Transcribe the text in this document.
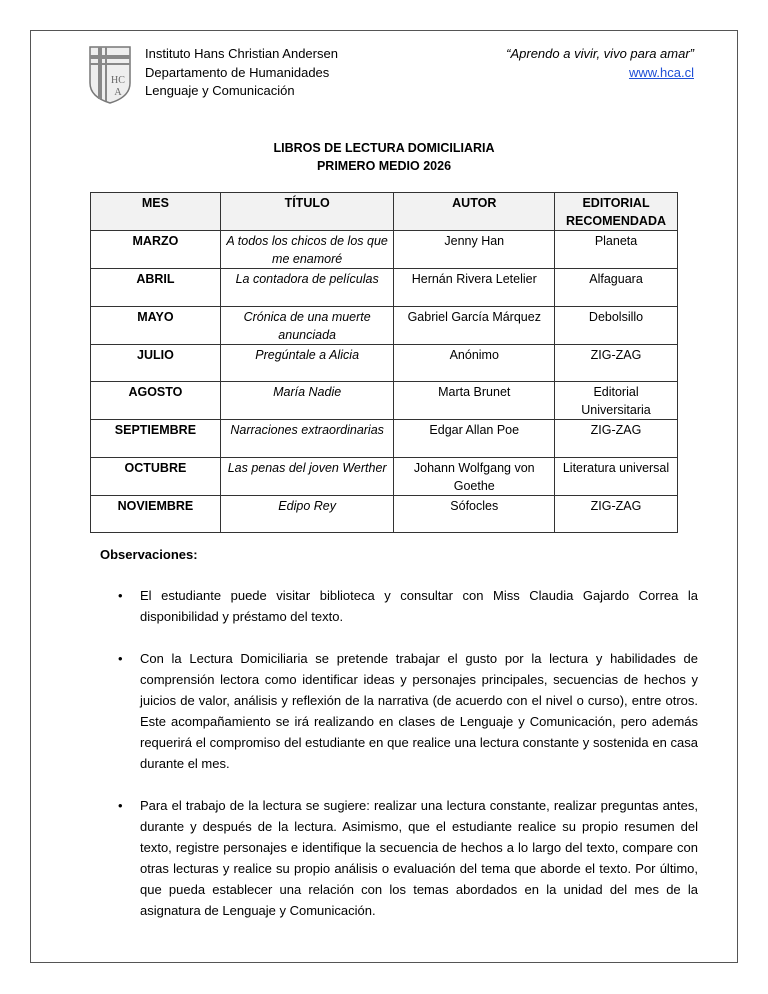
HC
A
Instituto Hans Christian Andersen
Departamento de Humanidades
Lenguaje y Comunicación
“Aprendo a vivir, vivo para amar”
www.hca.cl
LIBROS DE LECTURA DOMICILIARIA
PRIMERO MEDIO 2026
MES	TÍTULO	AUTOR	EDITORIAL RECOMENDADA
MARZO	A todos los chicos de los que me enamoré	Jenny Han	Planeta
ABRIL	La contadora de películas	Hernán Rivera Letelier	Alfaguara
MAYO	Crónica de una muerte anunciada	Gabriel García Márquez	Debolsillo
JULIO	Pregúntale a Alicia	Anónimo	ZIG-ZAG
AGOSTO	María Nadie	Marta Brunet	Editorial Universitaria
SEPTIEMBRE	Narraciones extraordinarias	Edgar Allan Poe	ZIG-ZAG
OCTUBRE	Las penas del joven Werther	Johann Wolfgang von Goethe	Literatura universal
NOVIEMBRE	Edipo Rey	Sófocles	ZIG-ZAG
Observaciones:
• El estudiante puede visitar biblioteca y consultar con Miss Claudia Gajardo Correa la disponibilidad y préstamo del texto.
• Con la Lectura Domiciliaria se pretende trabajar el gusto por la lectura y habilidades de comprensión lectora como identificar ideas y personajes principales, secuencias de hechos y juicios de valor, análisis y reflexión de la narrativa (de acuerdo con el nivel o curso), entre otros. Este acompañamiento se irá realizando en clases de Lenguaje y Comunicación, pero además requerirá el compromiso del estudiante en que realice una lectura constante y sostenida en casa durante el mes.
• Para el trabajo de la lectura se sugiere: realizar una lectura constante, realizar preguntas antes, durante y después de la lectura. Asimismo, que el estudiante realice su propio resumen del texto, registre personajes e identifique la secuencia de hechos a lo largo del texto, compare con otras lecturas y realice su propio análisis o evaluación del tema que aborde el texto. Por último, que pueda establecer una relación con los temas abordados en la unidad del mes de la asignatura de Lenguaje y Comunicación.
